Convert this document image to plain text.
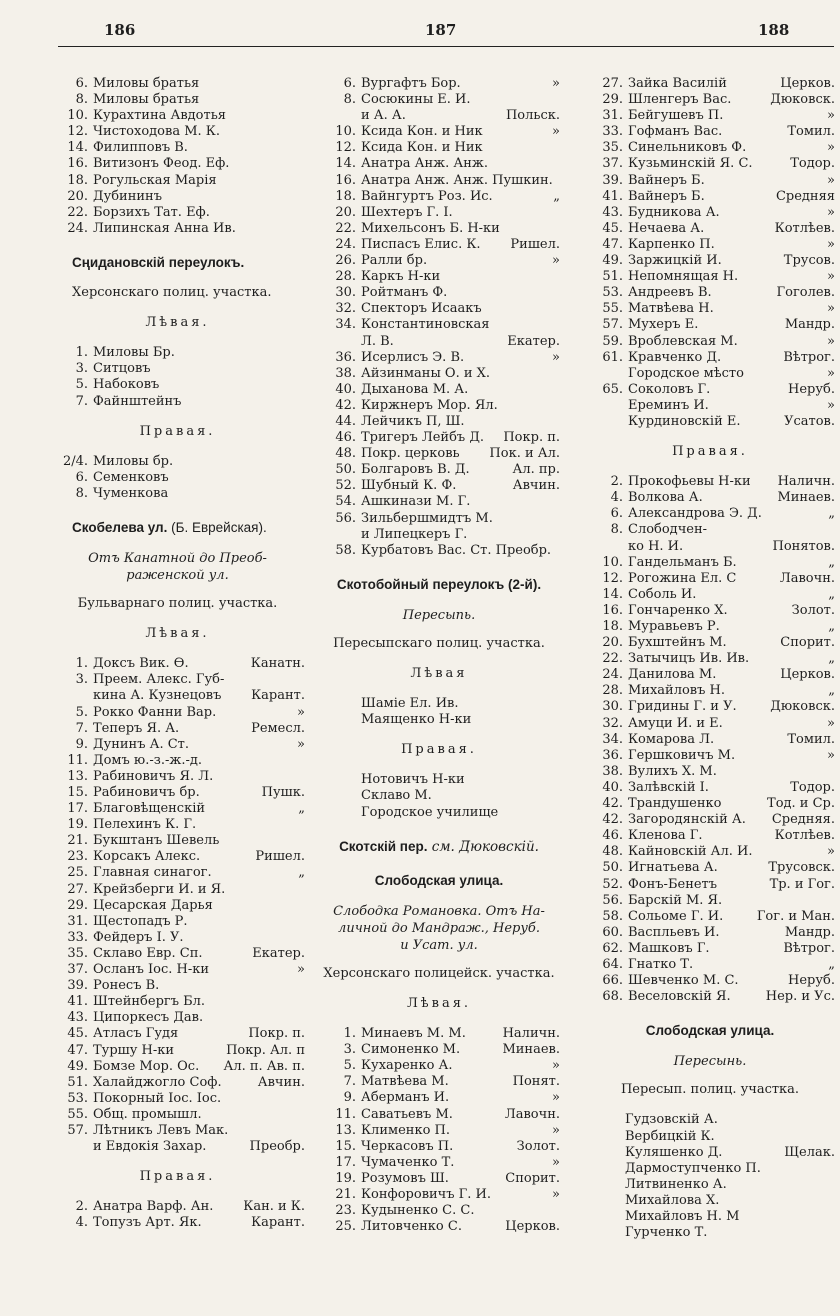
186	187	188
6. Миловы братья
8. Миловы братья
10. Курахтина Авдотья
12. Чистоходова М. К.
14. Филипповъ В.
16. Витизонъ Феод. Еф.
18. Рогульская Марія
20. Дубининъ
22. Борзихъ Тат. Еф.
24. Липинская Анна Ив.
Сңидановскій переулокъ.
Херсонскаго полиц. участка.
Лѣвая.
1. Миловы Бр.
3. Ситцовъ
5. Набоковъ
7. Файнштейнъ
Правая.
2/4. Миловы бр.
6. Семенковъ
8. Чуменкова
Скобелева ул. (Б. Еврейская).
Отъ Канатной до Преоб-
раженской ул.
Бульварнаго полиц. участка.
Лѣвая.
1. Доксъ Вик. Ѳ.	Канатн.
3. Преем. Алекс. Губ-
кина А. Кузнецовъ	Карант.
5. Рокко Фанни Вар.	»
7. Теперъ Я. А.	Ремесл.
9. Дунинъ А. Ст.	»
11. Домъ ю.-з.-ж.-д.
13. Рабиновичъ Я. Л.
15. Рабиновичъ бр.	Пушк.
17. Благовѣщенскій	„
19. Пелехинъ К. Г.
21. Букштанъ Шевель
23. Корсакъ Алекс.	Ришел.
25. Главная синагог.	„
27. Крейзберги И. и Я.
29. Цесарская Дарья
31. Щестопадъ Р.
33. Фейдеръ І. У.
35. Склаво Евр. Сп.	Екатер.
37. Осланъ Іос. Н-ки	»
39. Ронесъ В.
41. Штейнбергъ Бл.
43. Ципоркесъ Дав.
45. Атласъ Гудя	Покр. п.
47. Туршу Н-ки	Покр. Ал. п
49. Бомзе Мор. Ос.	Ал. п. Ав. п.
51. Халайджогло Соф.	Авчин.
53. Покорный Іос. Іос.
55. Общ. промышл.
57. Лѣтникъ Левъ Мак.
и Евдокія Захар.	Преобр.
Правая.
2. Анатра Варф. Ан.	Кан. и К.
4. Топузъ Арт. Як.	Карант.
6. Вургафтъ Бор.	»
8. Сосюкины Е. И.
и А. А.	Польск.
10. Ксида Кон. и Ник	»
12. Ксида Кон. и Ник
14. Анатра Анж. Анж.
16. Анатра Анж. Анж. Пушкин.
18. Вайнгуртъ Роз. Ис.	„
20. Шехтеръ Г. І.
22. Михельсонъ Б. Н-ки
24. Писпасъ Елис. К.	Ришел.
26. Ралли бр.	»
28. Каркъ Н-ки
30. Ройтманъ Ф.
32. Спекторъ Исаакъ
34. Константиновская
Л. В.	Екатер.
36. Исерлисъ Э. В.	»
38. Айзинманы О. и Х.
40. Дыханова М. А.
42. Киржнеръ Мор. Ял.
44. Лейчикъ П, Ш.
46. Тригеръ Лейбъ Д.	Покр. п.
48. Покр. церковь	Пок. и Ал.
50. Болгаровъ В. Д.	Ал. пр.
52. Шубный К. Ф.	Авчин.
54. Ашкинази М. Г.
56. Зильбершмидтъ М.
и Липецкеръ Г.
58. Курбатовъ Вас. Ст. Преобр.
Скотобойный переулокъ (2-й).
Пересыпь.
Пересыпскаго полиц. участка.
Лѣвая
Шаміе Ел. Ив.
Маященко Н-ки
Правая.
Нотовичъ Н-ки
Склаво М.
Городское училище
Скотскій пер. см. Дюковскій.
Слободская улица.
Слободка Романовка. Отъ На-
личной до Мандраж., Неруб.
и Усат. ул.
Херсонскаго полицейск. участка.
Лѣвая.
1. Минаевъ М. М.	Наличн.
3. Симоненко М.	Минаев.
5. Кухаренко А.	»
7. Матвѣева М.	Понят.
9. Аберманъ И.	»
11. Саватьевъ М.	Лавочн.
13. Клименко П.	»
15. Черкасовъ П.	Золот.
17. Чумаченко Т.	»
19. Розумовъ Ш.	Спорит.
21. Конфоровичъ Г. И.	»
23. Кудыненко С. С.
25. Литовченко С.	Церков.
27. Зайка Василій	Церков.
29. Шленгеръ Вас.	Дюковск.
31. Бейгушевъ П.	»
33. Гофманъ Вас.	Томил.
35. Синельниковъ Ф.	»
37. Кузьминскій Я. С.	Тодор.
39. Вайнеръ Б.	»
41. Вайнеръ Б.	Средняя
43. Будникова А.	»
45. Нечаева А.	Котлѣев.
47. Карпенко П.	»
49. Заржицкій И.	Трусов.
51. Непомнящая Н.	»
53. Андреевъ В.	Гоголев.
55. Матвѣева Н.	»
57. Мухеръ Е.	Мандр.
59. Вроблевская М.	»
61. Кравченко Д.	Вѣтрог.
Городское мѣсто	»
65. Соколовъ Г.	Неруб.
Ереминъ И.	»
Курдиновскій Е.	Усатов.
Правая.
2. Прокофьевы Н-ки	Наличн.
4. Волкова А.	Минаев.
6. Александрова Э. Д.	„
8. Слободчен-
ко Н. И.	Понятов.
10. Гандельманъ Б.	„
12. Рогожина Ел. С	Лавочн.
14. Соболь И.	„
16. Гончаренко Х.	Золот.
18. Муравьевъ Р.	„
20. Бухштейнъ М.	Спорит.
22. Затычицъ Ив. Ив.	„
24. Данилова М.	Церков.
28. Михайловъ Н.	„
30. Гридины Г. и У.	Дюковск.
32. Амуци И. и Е.	»
34. Комарова Л.	Томил.
36. Гершковичъ М.	»
38. Вулихъ Х. М.
40. Залѣвскій І.	Тодор.
42. Трандушенко	Тод. и Ср.
42. Загородянскій А.	Средняя.
46. Кленова Г.	Котлѣев.
48. Кайновскій Ал. И.	»
50. Игнатьева А.	Трусовск.
52. Фонъ-Бенетъ	Тр. и Гог.
56. Барскій М. Я.
58. Сольоме Г. И.	Гог. и Ман.
60. Васпльевъ И.	Мандр.
62. Машковъ Г.	Вѣтрог.
64. Гнатко Т.	„
66. Шевченко М. С.	Неруб.
68. Веселовскій Я.	Нер. и Ус.
Слободская улица.
Пересынь.
Пересып. полиц. участка.
Гудзовскій А.
Вербицкій К.
Куляшенко Д.	Щелак.
Дармоступченко П.
Литвиненко А.
Михайлова Х.
Михайловъ Н. М
Гурченко Т.
